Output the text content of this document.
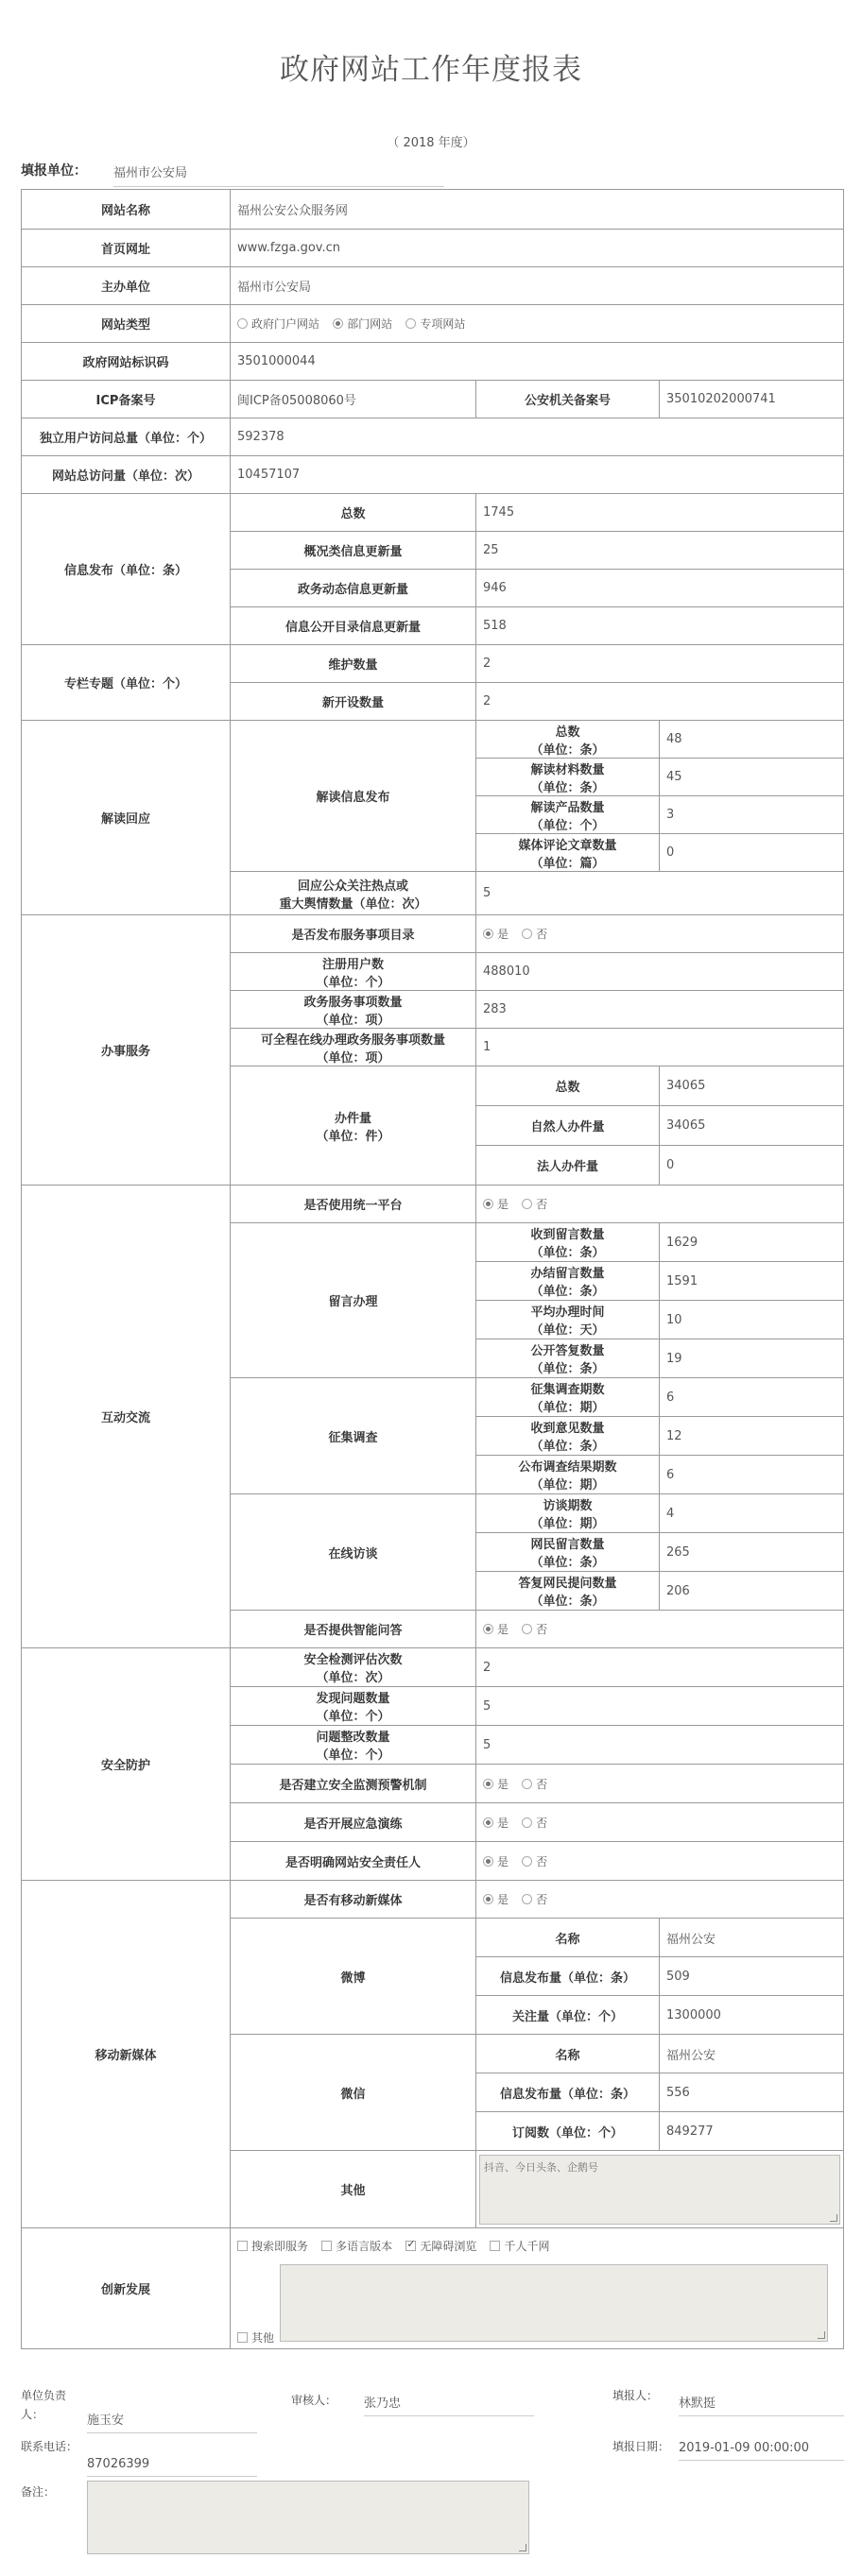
政府网站工作年度报表
（ 2018 年度）
填报单位： 福州市公安局
网站名称	福州公安公众服务网		
首页网址	www.fzga.gov.cn		
主办单位	福州市公安局		
网站类型	政府门户网站 部门网站 专项网站		
政府网站标识码	3501000044		
ICP备案号	闽ICP备05008060号	公安机关备案号	35010202000741
独立用户访问总量（单位：个）	592378		
网站总访问量（单位：次）	10457107		
信息发布（单位：条）	总数	1745	
	概况类信息更新量	25	
	政务动态信息更新量	946	
	信息公开目录信息更新量	518	
专栏专题（单位：个）	维护数量	2	
	新开设数量	2	
解读回应	解读信息发布	总数
（单位：条）	48
		解读材料数量
（单位：条）	45
		解读产品数量
（单位：个）	3
		媒体评论文章数量
（单位：篇）	0
	回应公众关注热点或
重大舆情数量（单位：次）	5	
办事服务	是否发布服务事项目录	是 否	
	注册用户数
（单位：个）	488010	
	政务服务事项数量
（单位：项）	283	
	可全程在线办理政务服务事项数量
（单位：项）	1	
	办件量
（单位：件）	总数	34065
		自然人办件量	34065
		法人办件量	0
互动交流	是否使用统一平台	是 否	
	留言办理	收到留言数量
（单位：条）	1629
		办结留言数量
（单位：条）	1591
		平均办理时间
（单位：天）	10
		公开答复数量
（单位：条）	19
	征集调查	征集调查期数
（单位：期）	6
		收到意见数量
（单位：条）	12
		公布调查结果期数
（单位：期）	6
	在线访谈	访谈期数
（单位：期）	4
		网民留言数量
（单位：条）	265
		答复网民提问数量
（单位：条）	206
	是否提供智能问答	是 否	
安全防护	安全检测评估次数
（单位：次）	2	
	发现问题数量
（单位：个）	5	
	问题整改数量
（单位：个）	5	
	是否建立安全监测预警机制	是 否	
	是否开展应急演练	是 否	
	是否明确网站安全责任人	是 否	
移动新媒体	是否有移动新媒体	是 否	
	微博	名称	福州公安
		信息发布量（单位：条）	509
		关注量（单位：个）	1300000
	微信	名称	福州公安
		信息发布量（单位：条）	556
		订阅数（单位：个）	849277
	其他	抖音、今日头条、企鹅号	

创新发展	搜索即服务 多语言版本 ✓ 无障碍浏览 千人千网
其他
单位负责人：	施玉安
审核人： 张乃忠
填报人：
林默挺
联系电话：
87026399
填报日期： 2019-01-09 00:00:00
备注：
